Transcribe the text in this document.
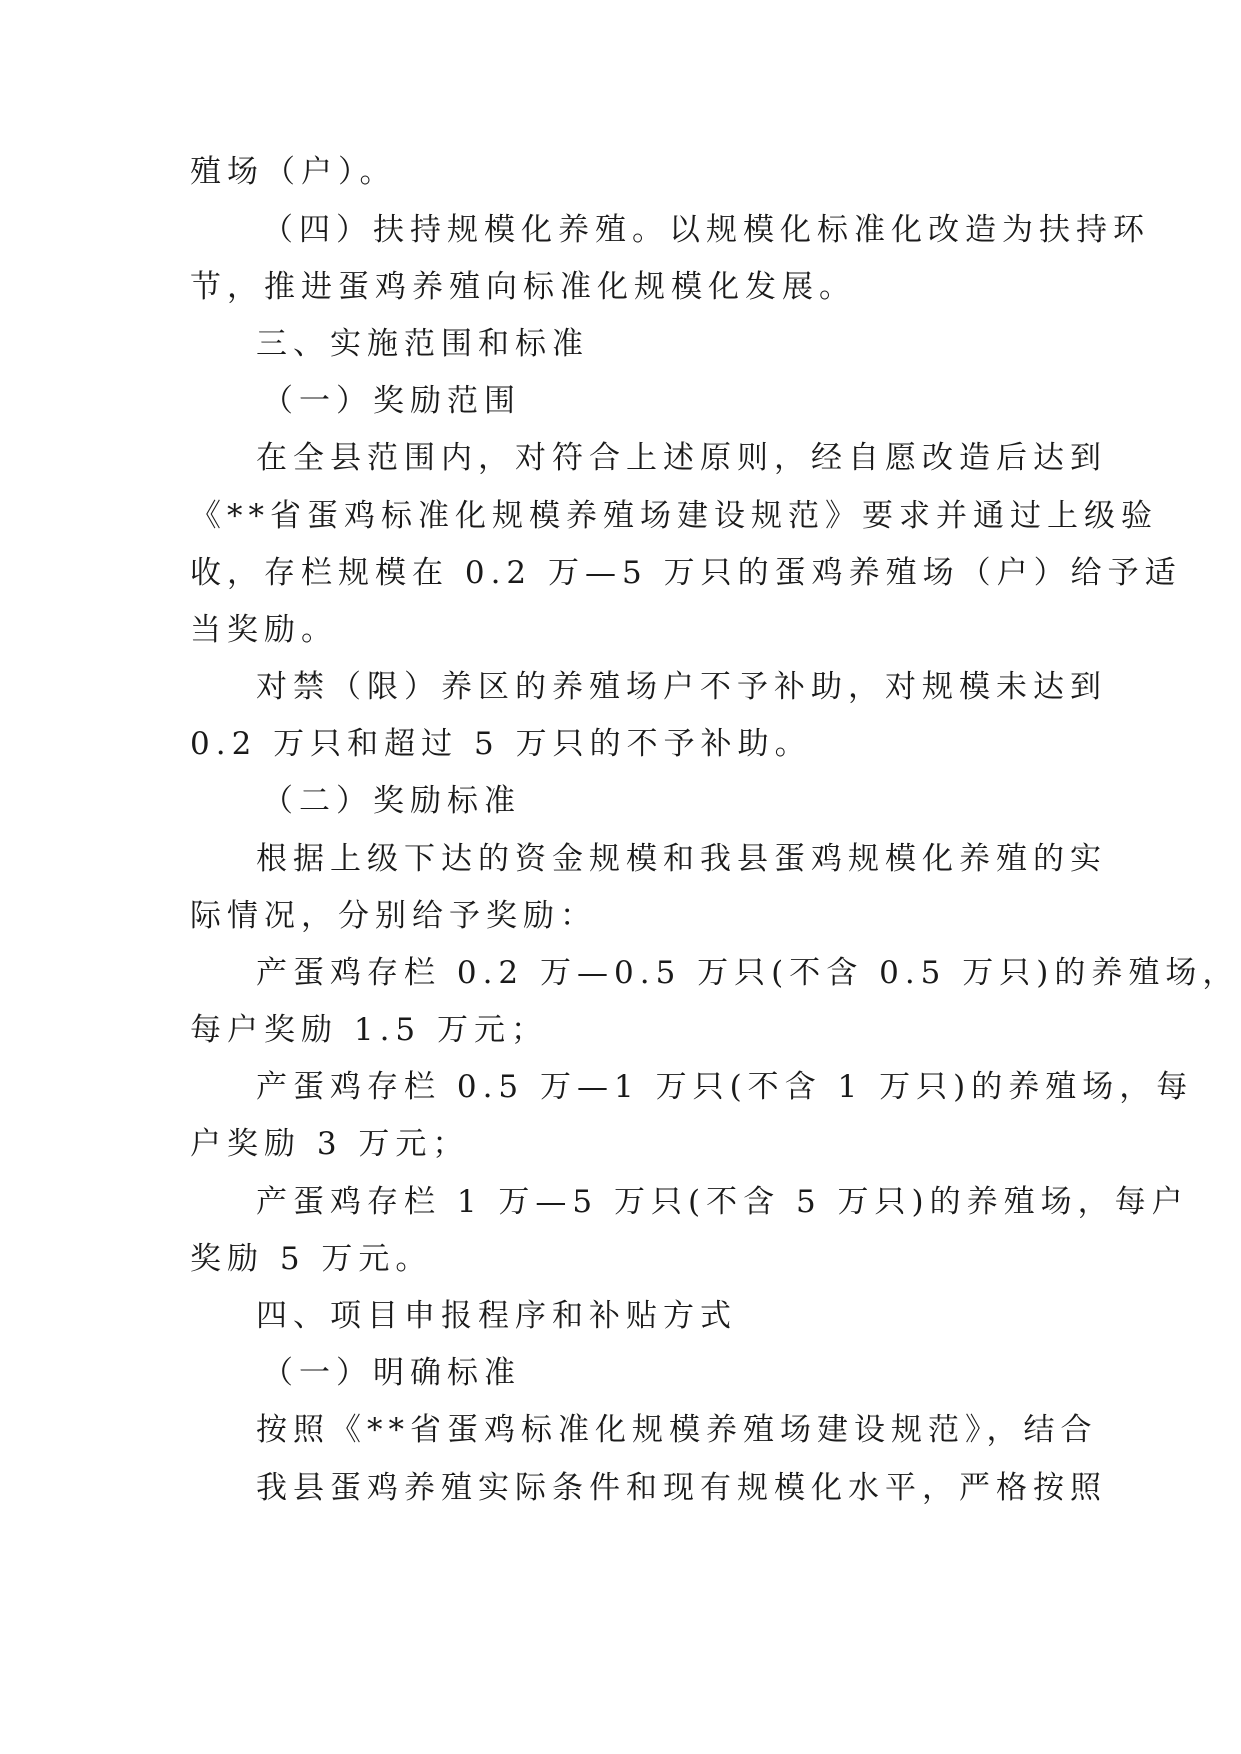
殖场（户）。
（四）扶持规模化养殖。以规模化标准化改造为扶持环
节，推进蛋鸡养殖向标准化规模化发展。
三、实施范围和标准
（一）奖励范围
在全县范围内，对符合上述原则，经自愿改造后达到
《**省蛋鸡标准化规模养殖场建设规范》要求并通过上级验
收，存栏规模在 0.2 万—5 万只的蛋鸡养殖场（户）给予适
当奖励。
对禁（限）养区的养殖场户不予补助，对规模未达到
0.2 万只和超过 5 万只的不予补助。
（二）奖励标准
根据上级下达的资金规模和我县蛋鸡规模化养殖的实
际情况，分别给予奖励：
产蛋鸡存栏 0.2 万—0.5 万只(不含 0.5 万只)的养殖场，
每户奖励 1.5 万元；
产蛋鸡存栏 0.5 万—1 万只(不含 1 万只)的养殖场，每
户奖励 3 万元；
产蛋鸡存栏 1 万—5 万只(不含 5 万只)的养殖场，每户
奖励 5 万元。
四、项目申报程序和补贴方式
（一）明确标准
按照《**省蛋鸡标准化规模养殖场建设规范》，结合
我县蛋鸡养殖实际条件和现有规模化水平，严格按照
